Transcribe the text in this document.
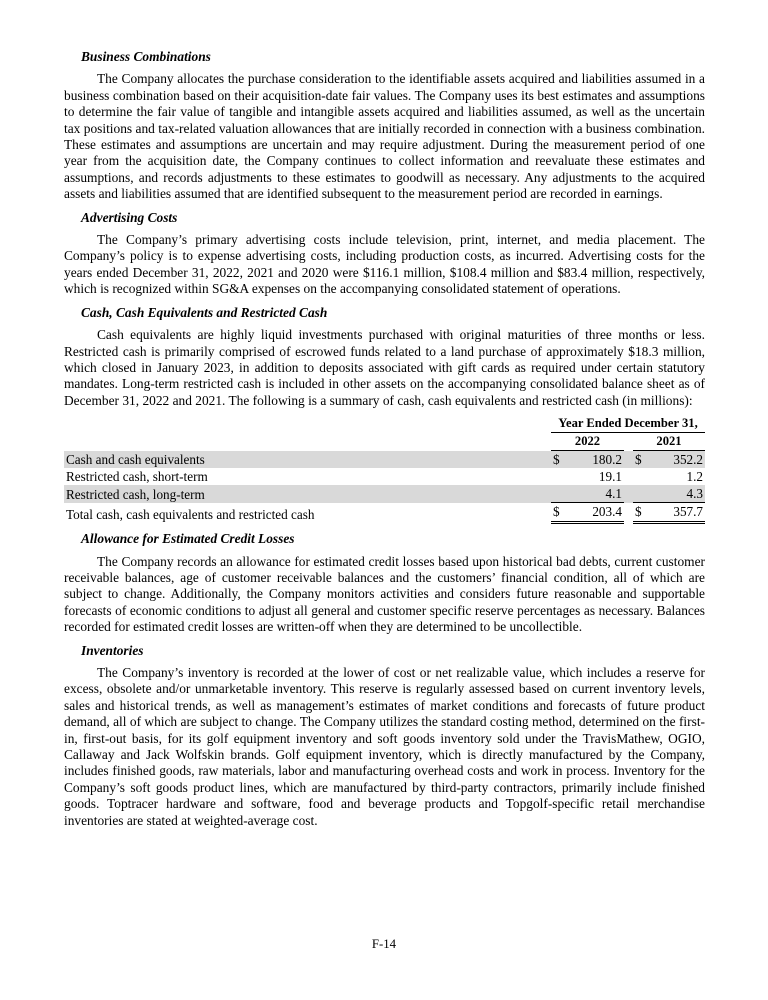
Business Combinations

The Company allocates the purchase consideration to the identifiable assets acquired and liabilities assumed in a business combination based on their acquisition-date fair values. The Company uses its best estimates and assumptions to determine the fair value of tangible and intangible assets acquired and liabilities assumed, as well as the uncertain tax positions and tax-related valuation allowances that are initially recorded in connection with a business combination. These estimates and assumptions are uncertain and may require adjustment. During the measurement period of one year from the acquisition date, the Company continues to collect information and reevaluate these estimates and assumptions, and records adjustments to these estimates to goodwill as necessary. Any adjustments to the acquired assets and liabilities assumed that are identified subsequent to the measurement period are recorded in earnings.

Advertising Costs

The Company’s primary advertising costs include television, print, internet, and media placement. The Company’s policy is to expense advertising costs, including production costs, as incurred. Advertising costs for the years ended December 31, 2022, 2021 and 2020 were $116.1 million, $108.4 million and $83.4 million, respectively, which is recognized within SG&A expenses on the accompanying consolidated statement of operations.

Cash, Cash Equivalents and Restricted Cash

Cash equivalents are highly liquid investments purchased with original maturities of three months or less. Restricted cash is primarily comprised of escrowed funds related to a land purchase of approximately $18.3 million, which closed in January 2023, in addition to deposits associated with gift cards as required under certain statutory mandates. Long-term restricted cash is included in other assets on the accompanying consolidated balance sheet as of December 31, 2022 and 2021. The following is a summary of cash, cash equivalents and restricted cash (in millions):

	Year Ended December 31,				
	2022			2021	
Cash and cash equivalents	$	180.2		$	352.2
Restricted cash, short-term		19.1			1.2
Restricted cash, long-term		4.1			4.3
Total cash, cash equivalents and restricted cash	$	203.4		$	357.7
Allowance for Estimated Credit Losses

The Company records an allowance for estimated credit losses based upon historical bad debts, current customer receivable balances, age of customer receivable balances and the customers’ financial condition, all of which are subject to change. Additionally, the Company monitors activities and considers future reasonable and supportable forecasts of economic conditions to adjust all general and customer specific reserve percentages as necessary. Balances recorded for estimated credit losses are written-off when they are determined to be uncollectible.

Inventories

The Company’s inventory is recorded at the lower of cost or net realizable value, which includes a reserve for excess, obsolete and/or unmarketable inventory. This reserve is regularly assessed based on current inventory levels, sales and historical trends, as well as management’s estimates of market conditions and forecasts of future product demand, all of which are subject to change. The Company utilizes the standard costing method, determined on the first-in, first-out basis, for its golf equipment inventory and soft goods inventory sold under the TravisMathew, OGIO, Callaway and Jack Wolfskin brands. Golf equipment inventory, which is directly manufactured by the Company, includes finished goods, raw materials, labor and manufacturing overhead costs and work in process. Inventory for the Company’s soft goods product lines, which are manufactured by third-party contractors, primarily include finished goods. Toptracer hardware and software, food and beverage products and Topgolf-specific retail merchandise inventories are stated at weighted-average cost.

F-14
